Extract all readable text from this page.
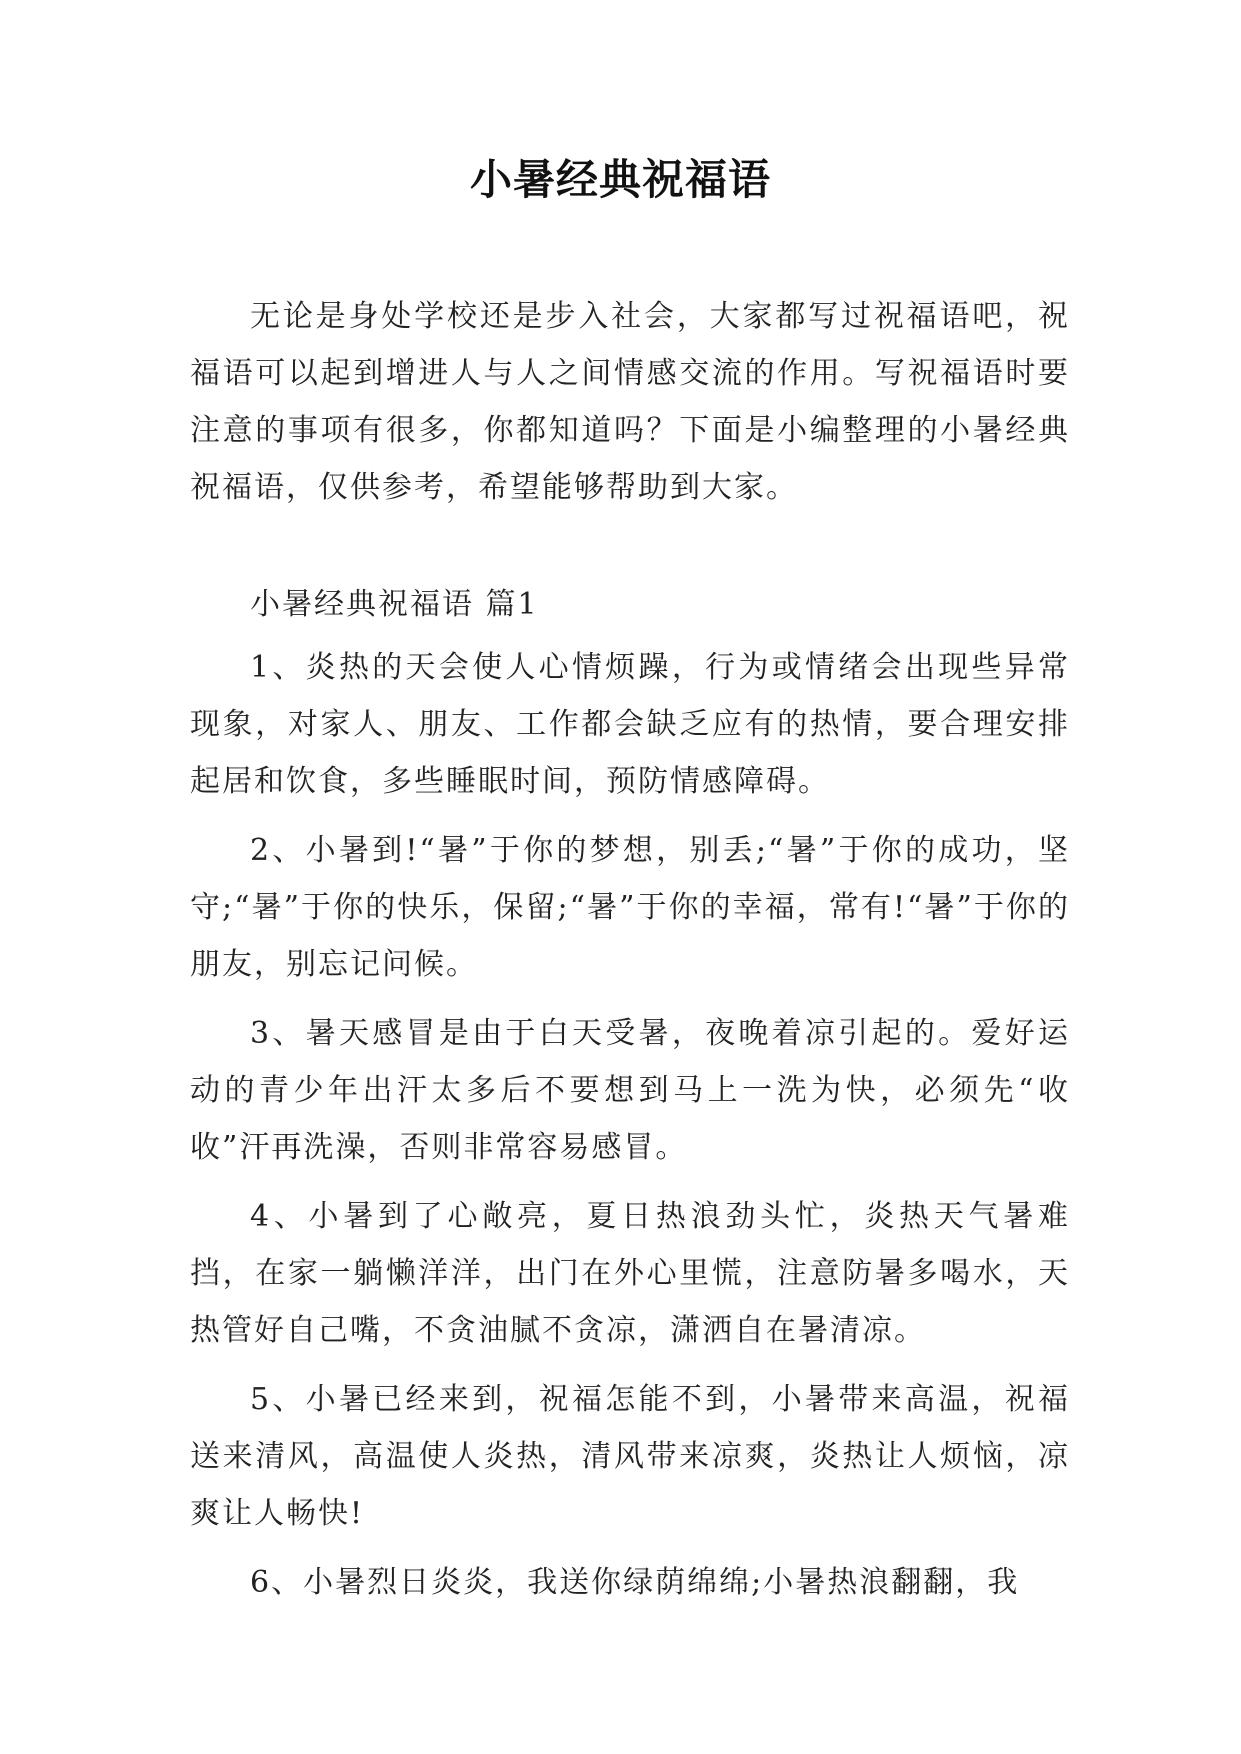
小暑经典祝福语

无论是身处学校还是步入社会，大家都写过祝福语吧，祝福语可以起到增进人与人之间情感交流的作用。写祝福语时要注意的事项有很多，你都知道吗？下面是小编整理的小暑经典祝福语，仅供参考，希望能够帮助到大家。

小暑经典祝福语 篇1

1、炎热的天会使人心情烦躁，行为或情绪会出现些异常现象，对家人、朋友、工作都会缺乏应有的热情，要合理安排起居和饮食，多些睡眠时间，预防情感障碍。

2、小暑到!“暑”于你的梦想，别丢;“暑”于你的成功，坚守;“暑”于你的快乐，保留;“暑”于你的幸福，常有!“暑”于你的朋友，别忘记问候。

3、暑天感冒是由于白天受暑，夜晚着凉引起的。爱好运动的青少年出汗太多后不要想到马上一洗为快，必须先“收收”汗再洗澡，否则非常容易感冒。

4、小暑到了心敞亮，夏日热浪劲头忙，炎热天气暑难挡，在家一躺懒洋洋，出门在外心里慌，注意防暑多喝水，天热管好自己嘴，不贪油腻不贪凉，潇洒自在暑清凉。

5、小暑已经来到，祝福怎能不到，小暑带来高温，祝福送来清风，高温使人炎热，清风带来凉爽，炎热让人烦恼，凉爽让人畅快!

6、小暑烈日炎炎，我送你绿荫绵绵;小暑热浪翻翻，我
